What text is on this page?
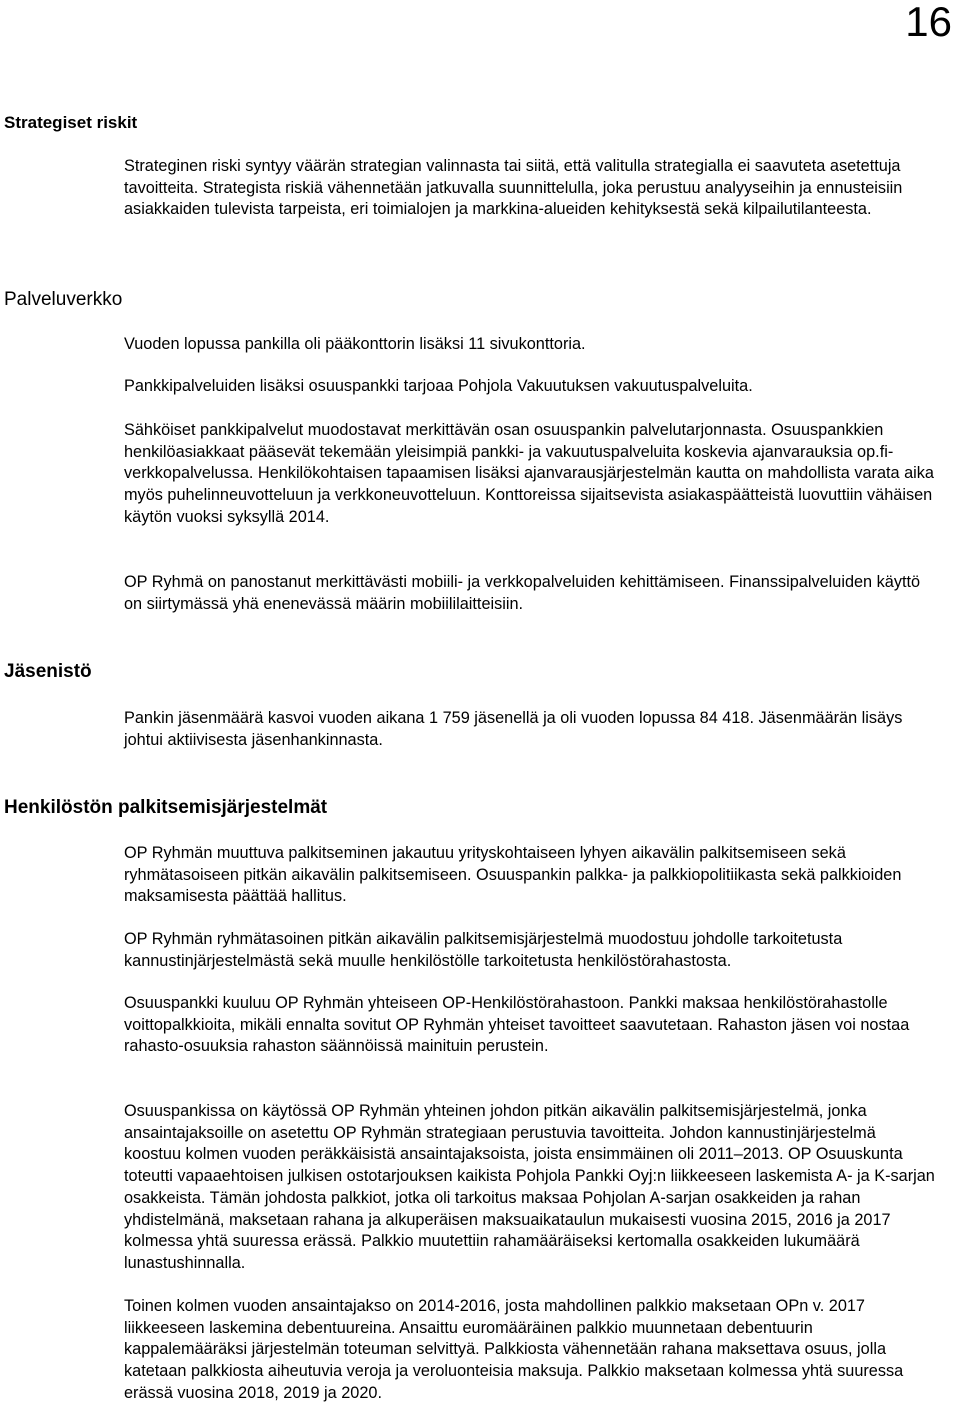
16
Strategiset riskit

Strateginen riski syntyy väärän strategian valinnasta tai siitä, että valitulla strategialla ei saavuteta asetettuja tavoitteita. Strategista riskiä vähennetään jatkuvalla suunnittelulla, joka perustuu analyyseihin ja ennusteisiin asiakkaiden tulevista tarpeista, eri toimialojen ja markkina-alueiden kehityksestä sekä kilpailutilanteesta.

Palveluverkko

Vuoden lopussa pankilla oli pääkonttorin lisäksi 11 sivukonttoria.

Pankkipalveluiden lisäksi osuuspankki tarjoaa Pohjola Vakuutuksen vakuutuspalveluita.

Sähköiset pankkipalvelut muodostavat merkittävän osan osuuspankin palvelutarjonnasta. Osuuspankkien henkilöasiakkaat pääsevät tekemään yleisimpiä pankki- ja vakuutuspalveluita koskevia ajanvarauksia op.fi-verkkopalvelussa. Henkilökohtaisen tapaamisen lisäksi ajanvarausjärjestelmän kautta on mahdollista varata aika myös puhelinneuvotteluun ja verkkoneuvotteluun. Konttoreissa sijaitsevista asiakaspäätteistä luovuttiin vähäisen käytön vuoksi syksyllä 2014.

OP Ryhmä on panostanut merkittävästi mobiili- ja verkkopalveluiden kehittämiseen. Finanssipalveluiden käyttö on siirtymässä yhä enenevässä määrin mobiililaitteisiin.

Jäsenistö

Pankin jäsenmäärä kasvoi vuoden aikana 1 759 jäsenellä ja oli vuoden lopussa 84 418. Jäsenmäärän lisäys johtui aktiivisesta jäsenhankinnasta.

Henkilöstön palkitsemisjärjestelmät

OP Ryhmän muuttuva palkitseminen jakautuu yrityskohtaiseen lyhyen aikavälin palkitsemiseen sekä ryhmätasoiseen pitkän aikavälin palkitsemiseen. Osuuspankin palkka- ja palkkiopolitiikasta sekä palkkioiden maksamisesta päättää hallitus.

OP Ryhmän ryhmätasoinen pitkän aikavälin palkitsemisjärjestelmä muodostuu johdolle tarkoitetusta kannustinjärjestelmästä sekä muulle henkilöstölle tarkoitetusta henkilöstörahastosta.

Osuuspankki kuuluu OP Ryhmän yhteiseen OP-Henkilöstörahastoon. Pankki maksaa henkilöstörahastolle voittopalkkioita, mikäli ennalta sovitut OP Ryhmän yhteiset tavoitteet saavutetaan. Rahaston jäsen voi nostaa rahasto-osuuksia rahaston säännöissä mainituin perustein.

Osuuspankissa on käytössä OP Ryhmän yhteinen johdon pitkän aikavälin palkitsemisjärjestelmä, jonka ansaintajaksoille on asetettu OP Ryhmän strategiaan perustuvia tavoitteita. Johdon kannustinjärjestelmä koostuu kolmen vuoden peräkkäisistä ansaintajaksoista, joista ensimmäinen oli 2011–2013. OP Osuuskunta toteutti vapaaehtoisen julkisen ostotarjouksen kaikista Pohjola Pankki Oyj:n liikkeeseen laskemista A- ja K-sarjan osakkeista. Tämän johdosta palkkiot, jotka oli tarkoitus maksaa Pohjolan A-sarjan osakkeiden ja rahan yhdistelmänä, maksetaan rahana ja alkuperäisen maksuaikataulun mukaisesti vuosina 2015, 2016 ja 2017 kolmessa yhtä suuressa erässä. Palkkio muutettiin rahamääräiseksi kertomalla osakkeiden lukumäärä lunastushinnalla.

Toinen kolmen vuoden ansaintajakso on 2014-2016, josta mahdollinen palkkio maksetaan OPn v. 2017 liikkeeseen laskemina debentuureina. Ansaittu euromääräinen palkkio muunnetaan debentuurin kappalemääräksi järjestelmän toteuman selvittyä. Palkkiosta vähennetään rahana maksettava osuus, jolla katetaan palkkiosta aiheutuvia veroja ja veroluonteisia maksuja. Palkkio maksetaan kolmessa yhtä suuressa erässä vuosina 2018, 2019 ja 2020.
